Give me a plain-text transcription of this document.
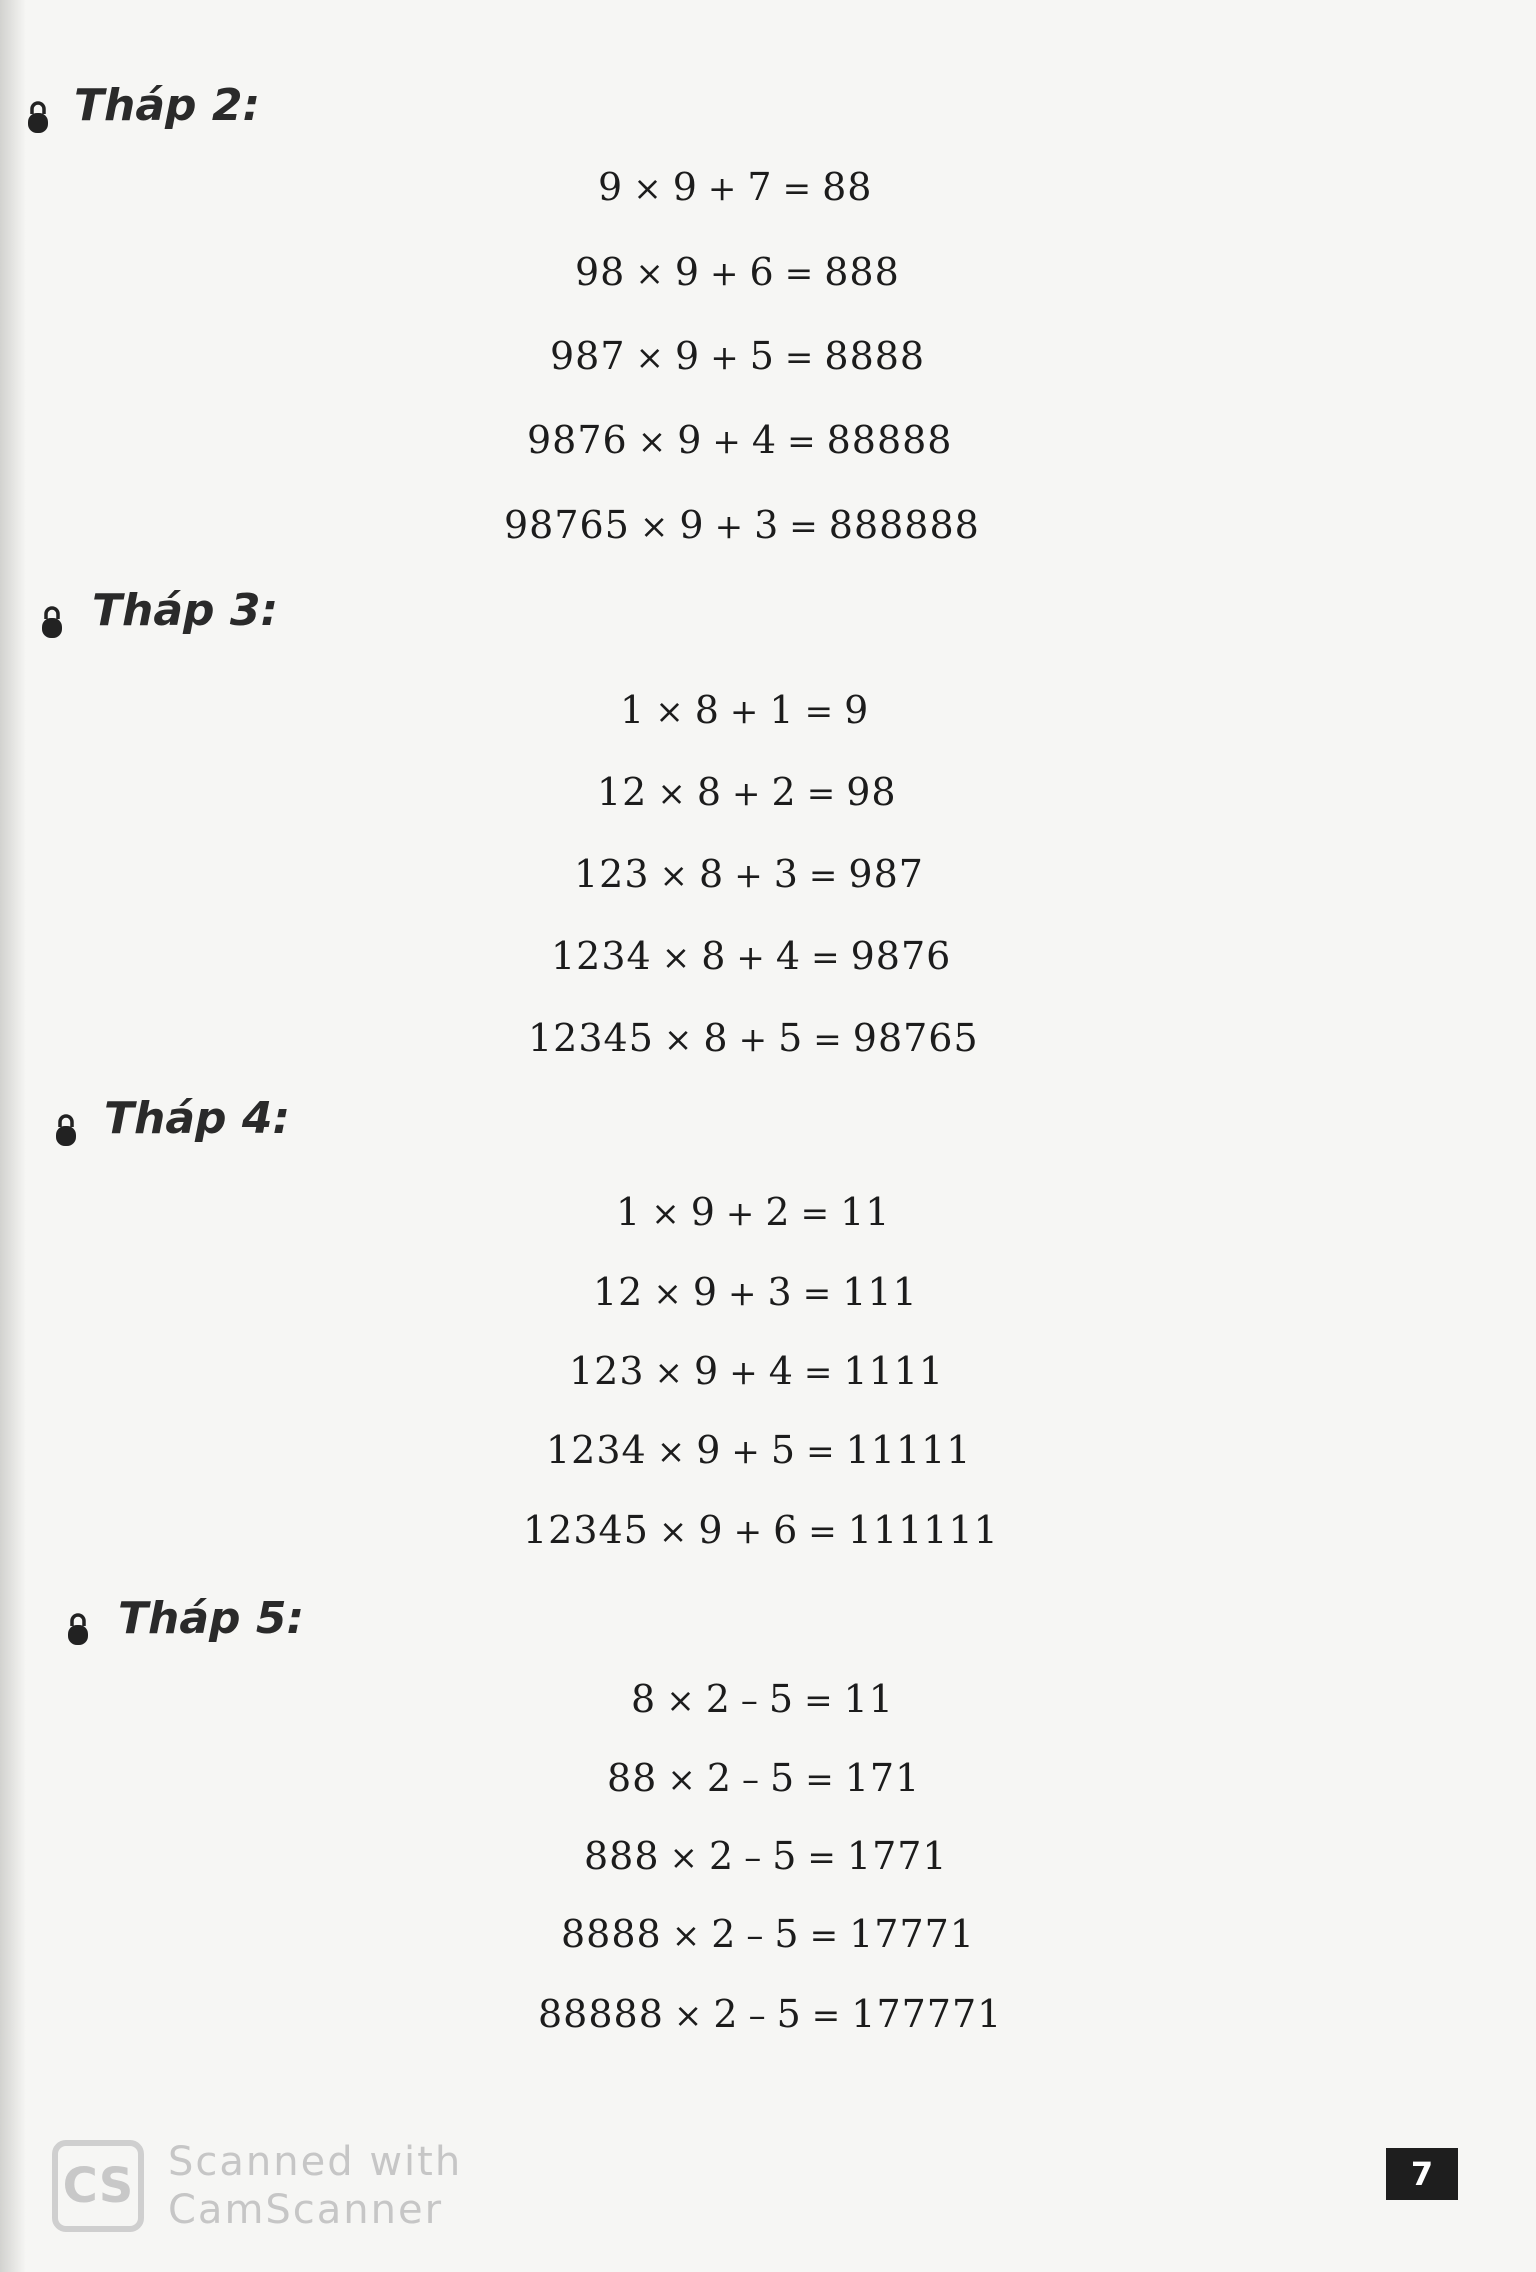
Tháp 2:
9 × 9 + 7 = 88
98 × 9 + 6 = 888
987 × 9 + 5 = 8888
9876 × 9 + 4 = 88888
98765 × 9 + 3 = 888888
Tháp 3:
1 × 8 + 1 = 9
12 × 8 + 2 = 98
123 × 8 + 3 = 987
1234 × 8 + 4 = 9876
12345 × 8 + 5 = 98765
Tháp 4:
1 × 9 + 2 = 11
12 × 9 + 3 = 111
123 × 9 + 4 = 1111
1234 × 9 + 5 = 11111
12345 × 9 + 6 = 111111
Tháp 5:
8 × 2 – 5 = 11
88 × 2 – 5 = 171
888 × 2 – 5 = 1771
8888 × 2 – 5 = 17771
88888 × 2 – 5 = 177771
CS Scanned with
CamScanner
7
